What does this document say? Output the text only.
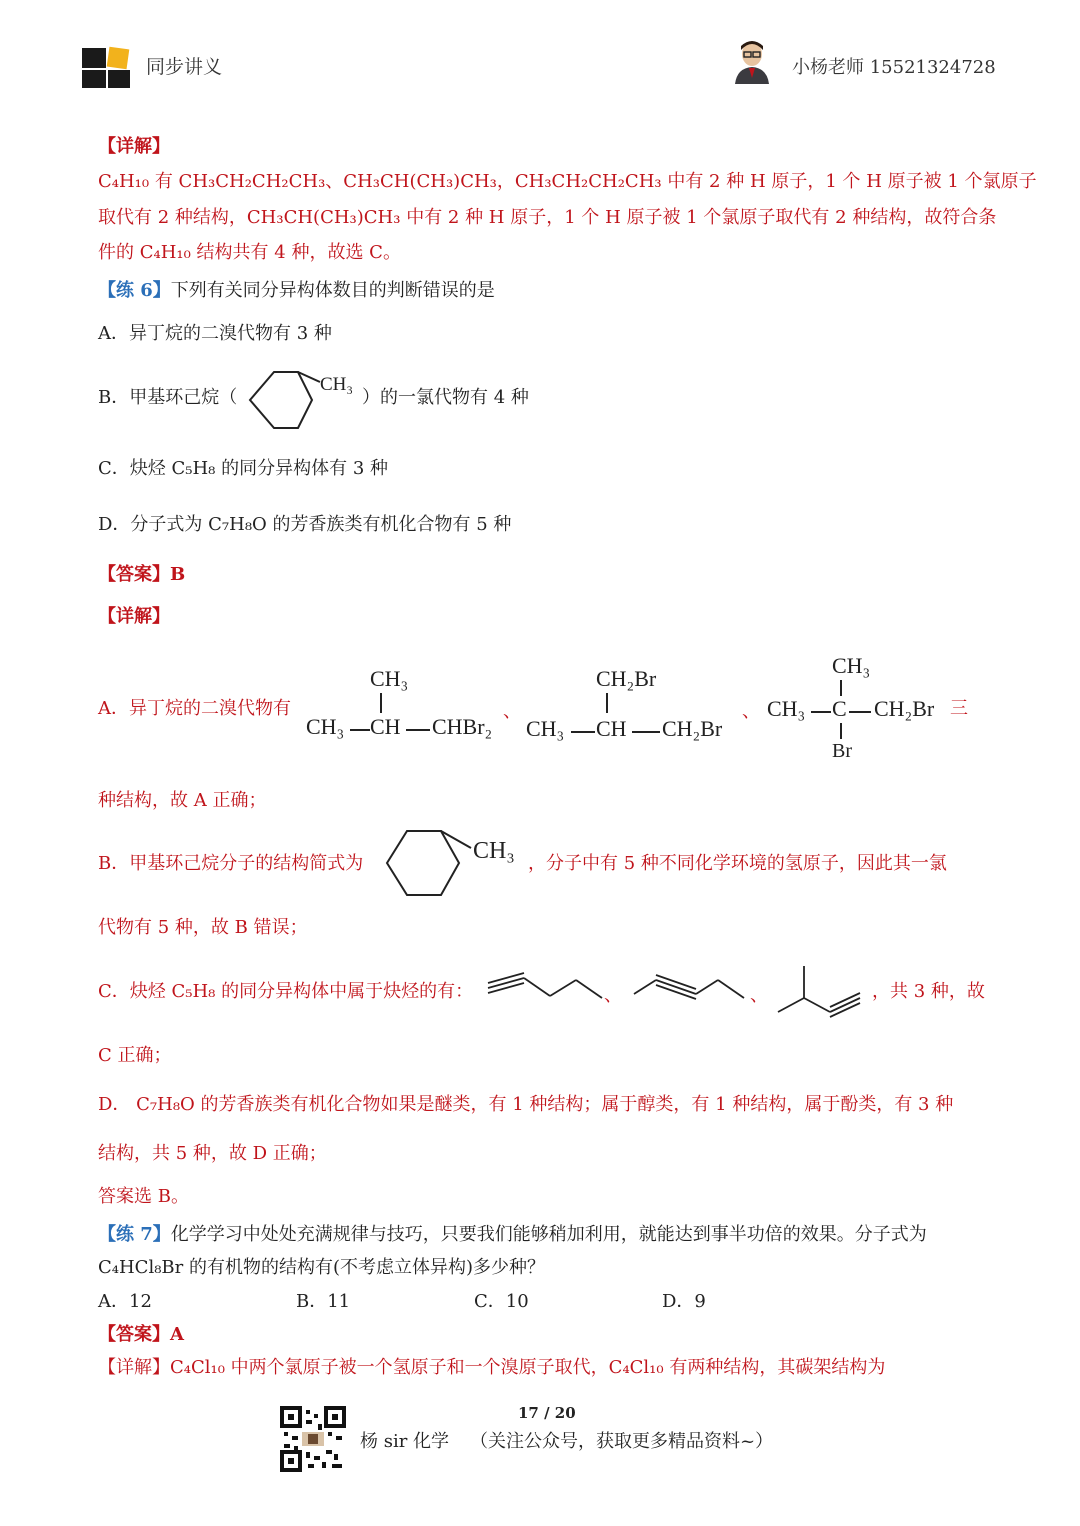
同步讲义	小杨老师 15521324728
【详解】
C₄H₁₀ 有 CH₃CH₂CH₂CH₃、CH₃CH(CH₃)CH₃，CH₃CH₂CH₂CH₃ 中有 2 种 H 原子，1 个 H 原子被 1 个氯原子
取代有 2 种结构，CH₃CH(CH₃)CH₃ 中有 2 种 H 原子，1 个 H 原子被 1 个氯原子取代有 2 种结构，故符合条
件的 C₄H₁₀ 结构共有 4 种，故选 C。
【练 6】下列有关同分异构体数目的判断错误的是
A．异丁烷的二溴代物有 3 种
B．甲基环己烷（
CH₃
）的一氯代物有 4 种
C．炔烃 C₅H₈ 的同分异构体有 3 种
D．分子式为 C₇H₈O 的芳香族类有机化合物有 5 种
【答案】B
【详解】
A．异丁烷的二溴代物有
CH₃
CH₃ CH CHBr₂
、
CH₂Br
CH₃ CH CH₂Br
、
CH₃
CH₃ C CH₂Br
Br
三
种结构，故 A 正确；
B．甲基环己烷分子的结构简式为	CH₃ ，分子中有 5 种不同化学环境的氢原子，因此其一氯
代物有 5 种，故 B 错误；
C．炔烃 C₅H₈ 的同分异构体中属于炔烃的有：	、	、	，共 3 种，故
C 正确；
D． C₇H₈O 的芳香族类有机化合物如果是醚类，有 1 种结构；属于醇类，有 1 种结构，属于酚类，有 3 种
结构，共 5 种，故 D 正确；
答案选 B。
【练 7】化学学习中处处充满规律与技巧，只要我们能够稍加利用，就能达到事半功倍的效果。分子式为
C₄HCl₈Br 的有机物的结构有(不考虑立体异构)多少种？
A．12	B．11	C．10	D．9
【答案】A
【详解】C₄Cl₁₀ 中两个氯原子被一个氢原子和一个溴原子取代，C₄Cl₁₀ 有两种结构，其碳架结构为
17 / 20
杨 sir 化学 （关注公众号，获取更多精品资料~）
